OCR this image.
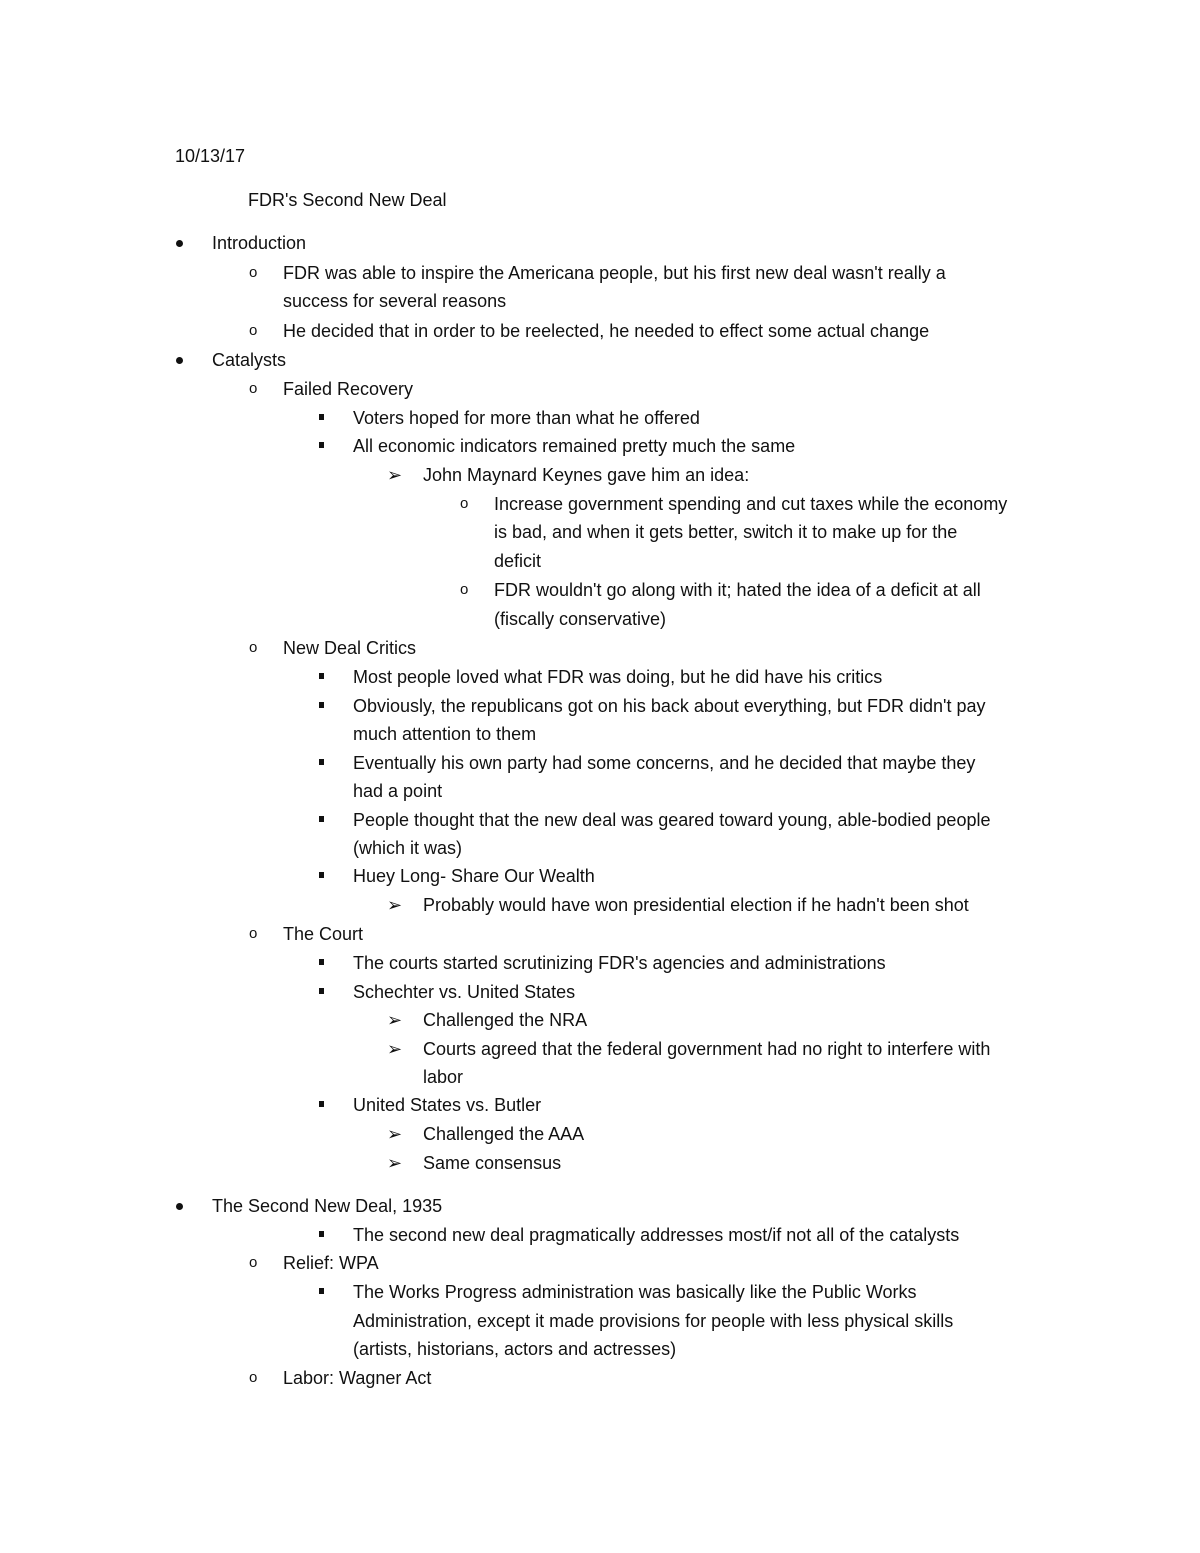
10/13/17
FDR's Second New Deal
Introduction
o FDR was able to inspire the Americana people, but his first new deal wasn't really a
success for several reasons
o He decided that in order to be reelected, he needed to effect some actual change
Catalysts
o Failed Recovery
Voters hoped for more than what he offered
All economic indicators remained pretty much the same
➢ John Maynard Keynes gave him an idea:
o Increase government spending and cut taxes while the economy
is bad, and when it gets better, switch it to make up for the
deficit
o FDR wouldn't go along with it; hated the idea of a deficit at all
(fiscally conservative)
o New Deal Critics
Most people loved what FDR was doing, but he did have his critics
Obviously, the republicans got on his back about everything, but FDR didn't pay
much attention to them
Eventually his own party had some concerns, and he decided that maybe they
had a point
People thought that the new deal was geared toward young, able-bodied people
(which it was)
Huey Long- Share Our Wealth
➢ Probably would have won presidential election if he hadn't been shot
o The Court
The courts started scrutinizing FDR's agencies and administrations
Schechter vs. United States
➢ Challenged the NRA
➢ Courts agreed that the federal government had no right to interfere with
labor
United States vs. Butler
➢ Challenged the AAA
➢ Same consensus
The Second New Deal, 1935
The second new deal pragmatically addresses most/if not all of the catalysts
o Relief: WPA
The Works Progress administration was basically like the Public Works
Administration, except it made provisions for people with less physical skills
(artists, historians, actors and actresses)
o Labor: Wagner Act
